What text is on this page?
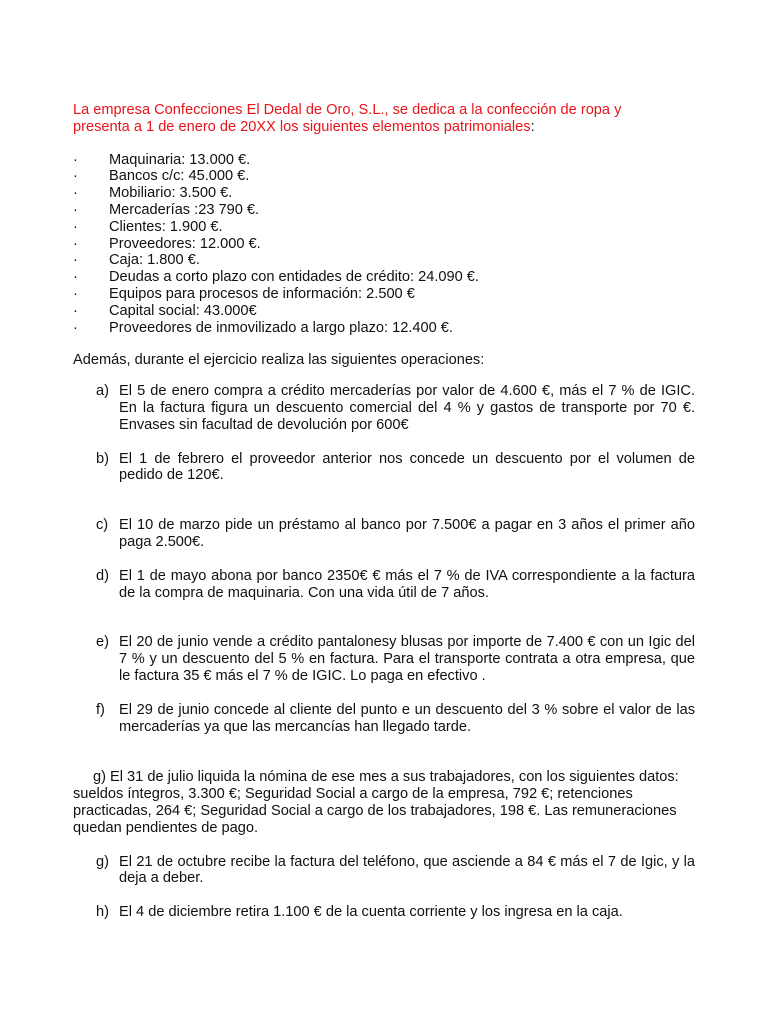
La empresa Confecciones El Dedal de Oro, S.L., se dedica a la confección de ropa y presenta a 1 de enero de 20XX los siguientes elementos patrimoniales:

· Maquinaria: 13.000 €.
· Bancos c/c: 45.000 €.
· Mobiliario: 3.500 €.
· Mercaderías :23 790 €.
· Clientes: 1.900 €.
· Proveedores: 12.000 €.
· Caja: 1.800 €.
· Deudas a corto plazo con entidades de crédito: 24.090 €.
· Equipos para procesos de información: 2.500 €
· Capital social: 43.000€
· Proveedores de inmovilizado a largo plazo: 12.400 €.

Además, durante el ejercicio realiza las siguientes operaciones:

a) El 5 de enero compra a crédito mercaderías por valor de 4.600 €, más el 7 % de IGIC. En la factura figura un descuento comercial del 4 % y gastos de transporte por 70 €. Envases sin facultad de devolución por 600€

b) El 1 de febrero el proveedor anterior nos concede un descuento por el volumen de pedido de 120€.

c) El 10 de marzo pide un préstamo al banco por 7.500€ a pagar en 3 años el primer año paga 2.500€.

d) El 1 de mayo abona por banco 2350€ € más el 7 % de IVA correspondiente a la factura de la compra de maquinaria. Con una vida útil de 7 años.

e) El 20 de junio vende a crédito pantalonesy blusas por importe de 7.400 € con un Igic del 7 % y un descuento del 5 % en factura. Para el transporte contrata a otra empresa, que le factura 35 € más el 7 % de IGIC. Lo paga en efectivo .

f) El 29 de junio concede al cliente del punto e un descuento del 3 % sobre el valor de las mercaderías ya que las mercancías han llegado tarde.

g) El 31 de julio liquida la nómina de ese mes a sus trabajadores, con los siguientes datos: sueldos íntegros, 3.300 €; Seguridad Social a cargo de la empresa, 792 €; retenciones practicadas, 264 €; Seguridad Social a cargo de los trabajadores, 198 €. Las remuneraciones quedan pendientes de pago.

g) El 21 de octubre recibe la factura del teléfono, que asciende a 84 € más el 7 de Igic, y la deja a deber.

h) El 4 de diciembre retira 1.100 € de la cuenta corriente y los ingresa en la caja.
